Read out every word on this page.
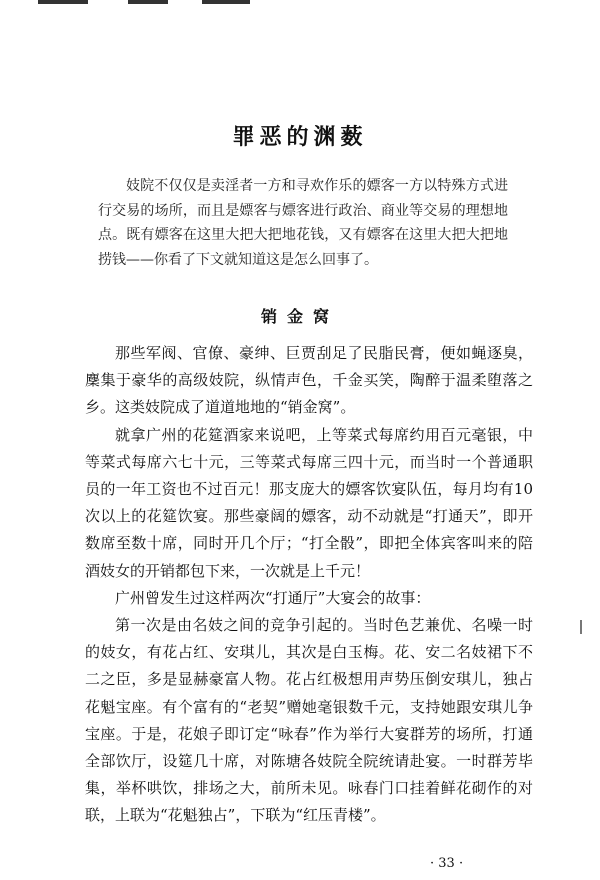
罪恶的渊薮

妓院不仅仅是卖淫者一方和寻欢作乐的嫖客一方以特殊方式进行交易的场所，而且是嫖客与嫖客进行政治、商业等交易的理想地点。既有嫖客在这里大把大把地花钱，又有嫖客在这里大把大把地捞钱——你看了下文就知道这是怎么回事了。

销金窝

那些军阀、官僚、豪绅、巨贾刮足了民脂民膏，便如蝇逐臭，麇集于豪华的高级妓院，纵情声色，千金买笑，陶醉于温柔堕落之乡。这类妓院成了道道地地的“销金窝”。

就拿广州的花筵酒家来说吧，上等菜式每席约用百元毫银，中等菜式每席六七十元，三等菜式每席三四十元，而当时一个普通职员的一年工资也不过百元！那支庞大的嫖客饮宴队伍，每月均有10次以上的花筵饮宴。那些豪阔的嫖客，动不动就是“打通天”，即开数席至数十席，同时开几个厅；“打全骰”，即把全体宾客叫来的陪酒妓女的开销都包下来，一次就是上千元！

广州曾发生过这样两次“打通厅”大宴会的故事：

第一次是由名妓之间的竞争引起的。当时色艺兼优、名噪一时的妓女，有花占红、安琪儿，其次是白玉梅。花、安二名妓裙下不二之臣，多是显赫豪富人物。花占红极想用声势压倒安琪儿，独占花魁宝座。有个富有的“老契”赠她毫银数千元，支持她跟安琪儿争宝座。于是，花娘子即订定“咏春”作为举行大宴群芳的场所，打通全部饮厅，设筵几十席，对陈塘各妓院全院统请赴宴。一时群芳毕集，举杯哄饮，排场之大，前所未见。咏春门口挂着鲜花砌作的对联，上联为“花魁独占”，下联为“红压青楼”。

· 33 ·
